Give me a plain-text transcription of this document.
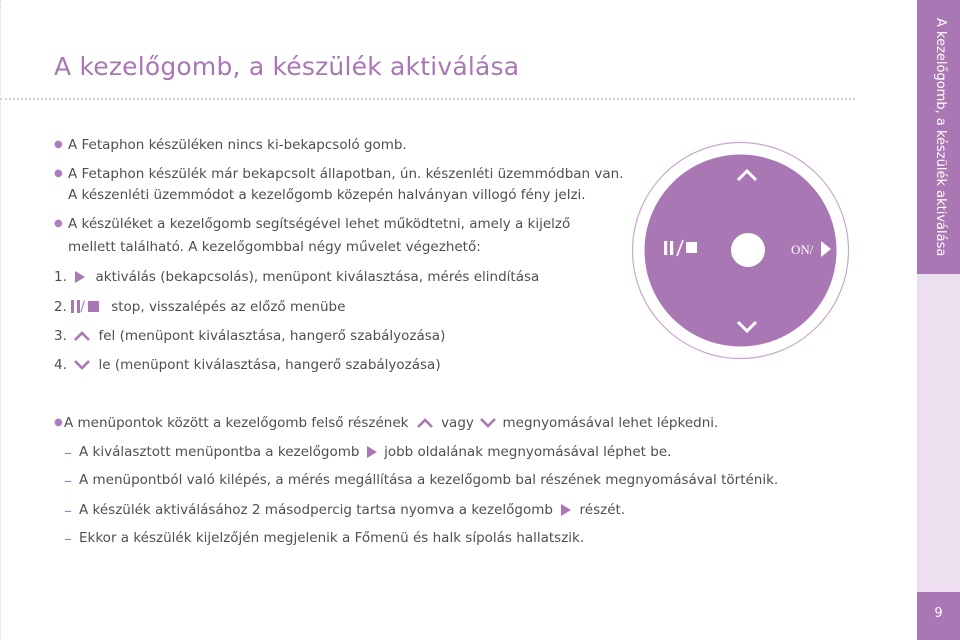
A kezelőgomb, a készülék aktiválása
● A Fetaphon készüléken nincs ki-bekapcsoló gomb.
● A Fetaphon készülék már bekapcsolt állapotban, ún. készenléti üzemmódban van.
A készenléti üzemmódot a kezelőgomb közepén halványan villogó fény jelzi.
● A készüléket a kezelőgomb segítségével lehet működtetni, amely a kijelző
mellett található. A kezelőgombbal négy művelet végezhető:
1. aktiválás (bekapcsolás), menüpont kiválasztása, mérés elindítása
2. / stop, visszalépés az előző menübe
3. fel (menüpont kiválasztása, hangerő szabályozása)
4. le (menüpont kiválasztása, hangerő szabályozása)
ON/
● A menüpontok között a kezelőgomb felső részének vagy megnyomásával lehet lépkedni.
– A kiválasztott menüpontba a kezelőgomb jobb oldalának megnyomásával léphet be.
– A menüpontból való kilépés, a mérés megállítása a kezelőgomb bal részének megnyomásával történik.
– A készülék aktiválásához 2 másodpercig tartsa nyomva a kezelőgomb részét.
– Ekkor a készülék kijelzőjén megjelenik a Főmenü és halk sípolás hallatszik.
A kezelőgomb, a készülék aktiválása
9
